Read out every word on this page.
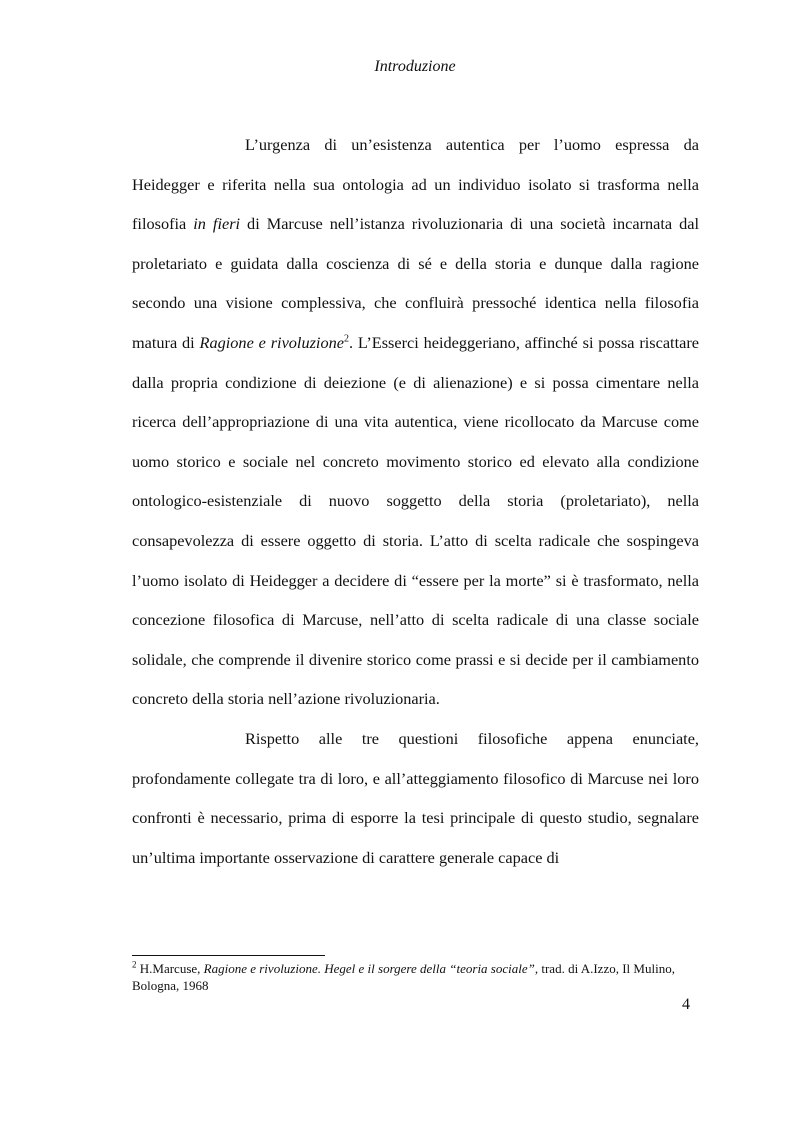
Introduzione

L’urgenza di un’esistenza autentica per l’uomo espressa da Heidegger e riferita nella sua ontologia ad un individuo isolato si trasforma nella filosofia in fieri di Marcuse nell’istanza rivoluzionaria di una società incarnata dal proletariato e guidata dalla coscienza di sé e della storia e dunque dalla ragione secondo una visione complessiva, che confluirà pressoché identica nella filosofia matura di Ragione e rivoluzione$^2$. L’Esserci heideggeriano, affinché si possa riscattare dalla propria condizione di deiezione (e di alienazione) e si possa cimentare nella ricerca dell’appropriazione di una vita autentica, viene ricollocato da Marcuse come uomo storico e sociale nel concreto movimento storico ed elevato alla condizione ontologico-esistenziale di nuovo soggetto della storia (proletariato), nella consapevolezza di essere oggetto di storia. L’atto di scelta radicale che sospingeva l’uomo isolato di Heidegger a decidere di “essere per la morte” si è trasformato, nella concezione filosofica di Marcuse, nell’atto di scelta radicale di una classe sociale solidale, che comprende il divenire storico come prassi e si decide per il cambiamento concreto della storia nell’azione rivoluzionaria.

Rispetto alle tre questioni filosofiche appena enunciate, profondamente collegate tra di loro, e all’atteggiamento filosofico di Marcuse nei loro confronti è necessario, prima di esporre la tesi principale di questo studio, segnalare un’ultima importante osservazione di carattere generale capace di

$^2$ H.Marcuse, Ragione e rivoluzione. Hegel e il sorgere della “teoria sociale”, trad. di A.Izzo, Il Mulino, Bologna, 1968
4
